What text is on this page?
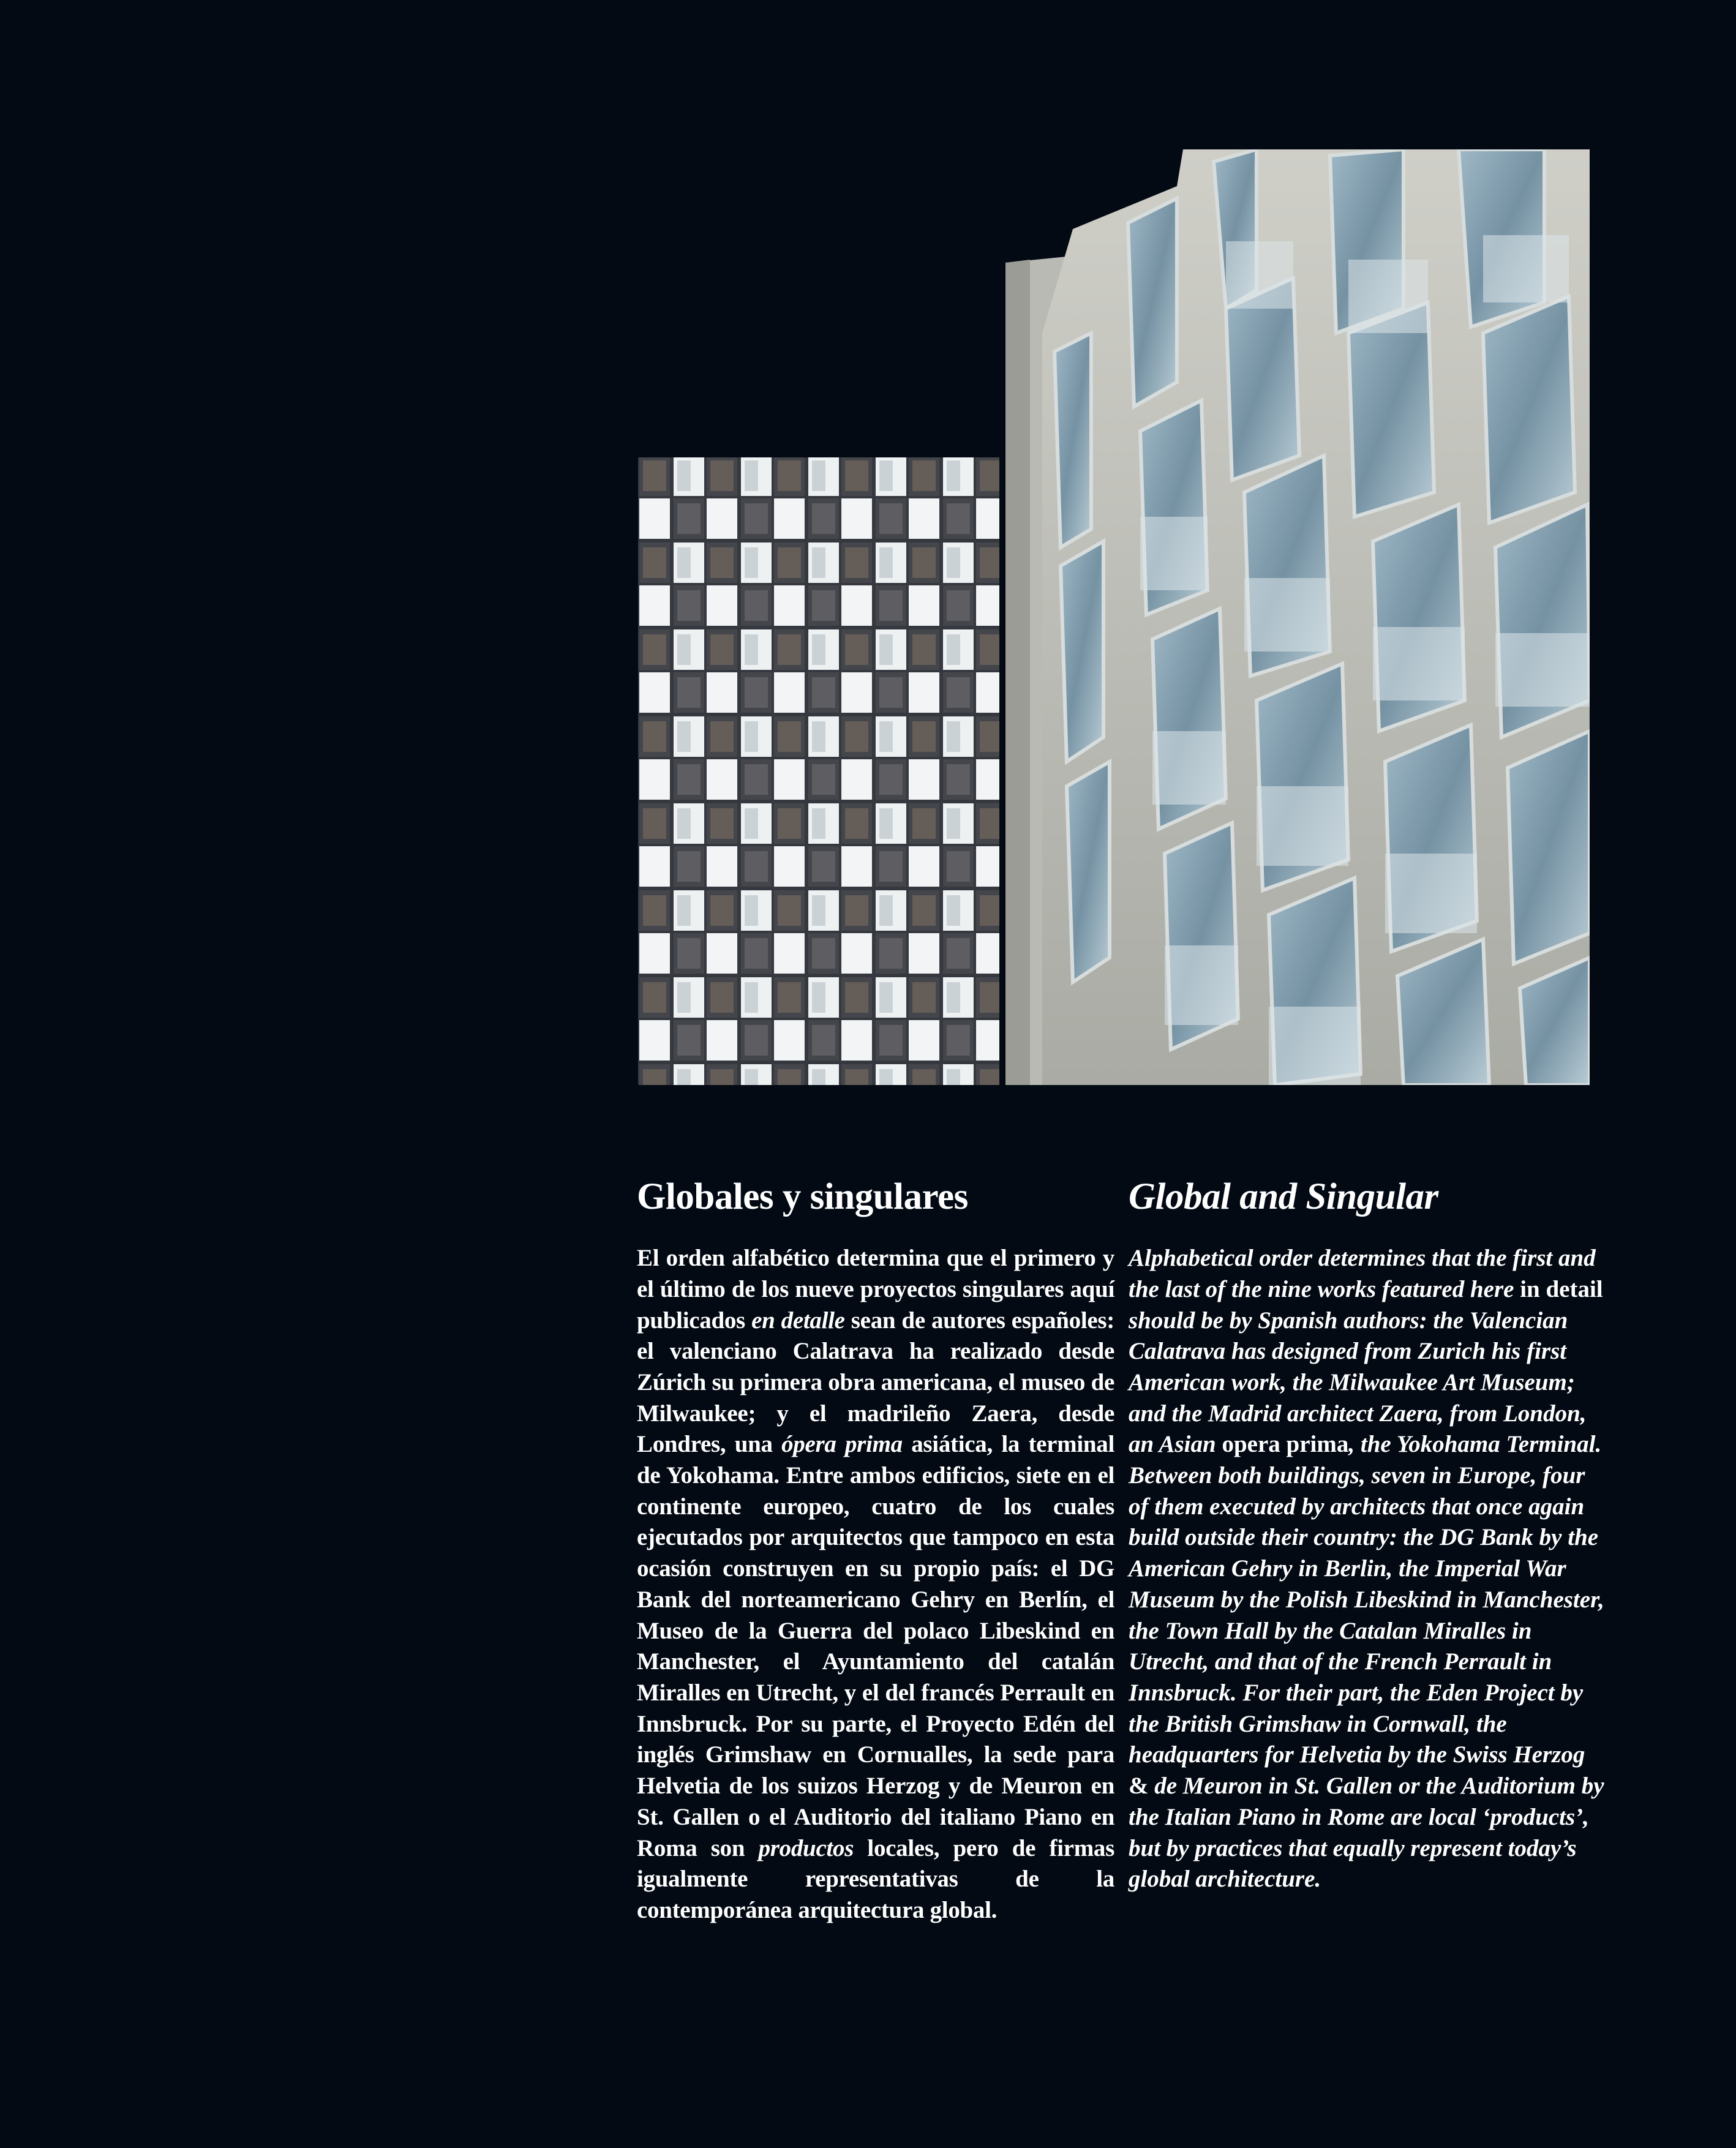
Globales y singulares
El orden alfabético determina que el primero y el último de los nueve proyectos singulares aquí publicados en detalle sean de autores españoles: el valenciano Calatrava ha realizado desde Zúrich su primera obra americana, el museo de Milwaukee; y el madrileño Zaera, desde Londres, una ópera prima asiática, la terminal de Yokohama. Entre ambos edificios, siete en el continente europeo, cuatro de los cuales ejecutados por arquitectos que tampoco en esta ocasión construyen en su propio país: el DG Bank del norteamericano Gehry en Berlín, el Museo de la Guerra del polaco Libeskind en Manchester, el Ayuntamiento del catalán Miralles en Utrecht, y el del francés Perrault en Innsbruck. Por su parte, el Proyecto Edén del inglés Grimshaw en Cornualles, la sede para Helvetia de los suizos Herzog y de Meuron en St. Gallen o el Auditorio del italiano Piano en Roma son productos locales, pero de firmas igualmente representativas de la contemporánea arquitectura global.
Global and Singular
Alphabetical order determines that the first and the last of the nine works featured here in detail should be by Spanish authors: the Valencian Calatrava has designed from Zurich his first American work, the Milwaukee Art Museum; and the Madrid architect Zaera, from London, an Asian opera prima, the Yokohama Terminal. Between both buildings, seven in Europe, four of them executed by architects that once again build outside their country: the DG Bank by the American Gehry in Berlin, the Imperial War Museum by the Polish Libeskind in Manchester, the Town Hall by the Catalan Miralles in Utrecht, and that of the French Perrault in Innsbruck. For their part, the Eden Project by the British Grimshaw in Cornwall, the headquarters for Helvetia by the Swiss Herzog & de Meuron in St. Gallen or the Auditorium by the Italian Piano in Rome are local ‘products’, but by practices that equally represent today’s global architecture.
